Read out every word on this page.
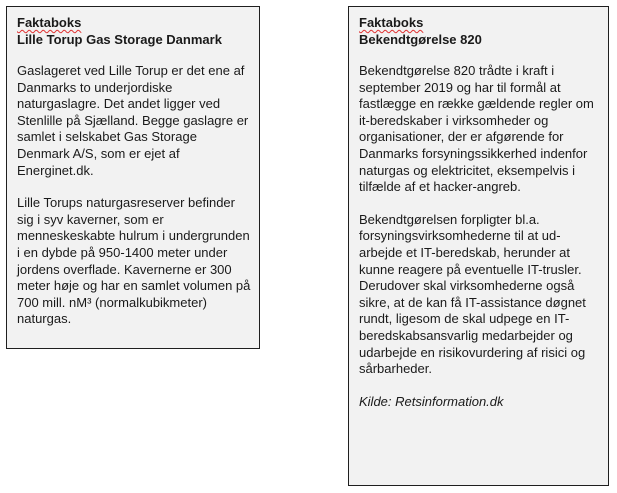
Faktaboks
Lille Torup Gas Storage Danmark

Gaslageret ved Lille Torup er det ene af Danmarks to underjordiske naturgaslagre. Det andet ligger ved Stenlille på Sjælland. Begge gaslagre er samlet i selskabet Gas Storage Denmark A/S, som er ejet af Energinet.dk.

Lille Torups naturgasreserver befinder sig i syv kaverner, som er menneskeskabte hulrum i undergrunden i en dybde på 950-1400 meter under jordens overflade. Kavernerne er 300 meter høje og har en samlet volumen på 700 mill. nM³ (normalkubikmeter) naturgas.

Faktaboks
Bekendtgørelse 820

Bekendtgørelse 820 trådte i kraft i september 2019 og har til formål at fastlægge en række gældende regler om it-beredskaber i virksomheder og organisationer, der er afgørende for Danmarks forsyningssikkerhed indenfor naturgas og elektricitet, eksempelvis i tilfælde af et hacker-angreb.

Bekendtgørelsen forpligter bl.a. forsyningsvirksomhederne til at ud- arbejde et IT-beredskab, herunder at kunne reagere på eventuelle IT-trusler. Derudover skal virksomhederne også sikre, at de kan få IT-assistance døgnet rundt, ligesom de skal udpege en IT-beredskabsansvarlig medarbejder og udarbejde en risikovurdering af risici og sårbarheder.

Kilde: Retsinformation.dk
